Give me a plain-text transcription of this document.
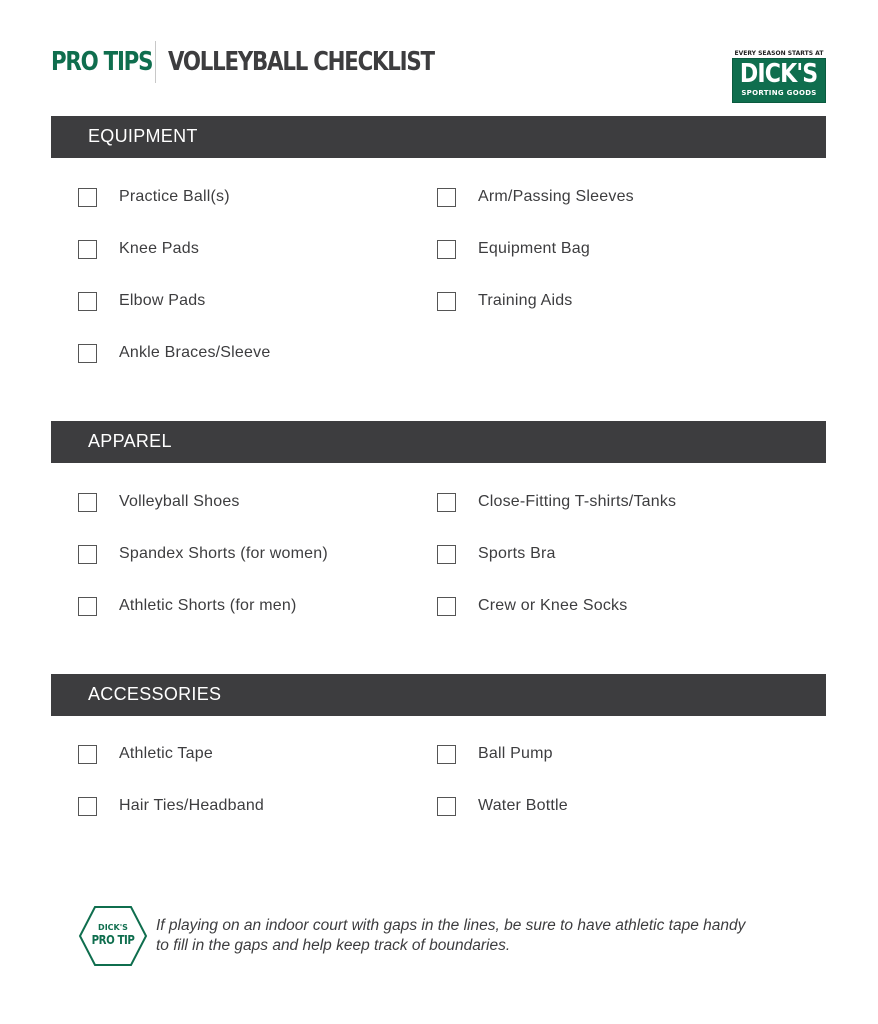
PRO TIPS VOLLEYBALL CHECKLIST	EVERY SEASON STARTS AT
DICK'S
SPORTING GOODS
EQUIPMENT
Practice Ball(s)	Arm/Passing Sleeves
Knee Pads	Equipment Bag
Elbow Pads	Training Aids
Ankle Braces/Sleeve
APPAREL
Volleyball Shoes	Close-Fitting T-shirts/Tanks
Spandex Shorts (for women)	Sports Bra
Athletic Shorts (for men)	Crew or Knee Socks
ACCESSORIES
Athletic Tape	Ball Pump
Hair Ties/Headband	Water Bottle
DICK'S
PRO TIP
If playing on an indoor court with gaps in the lines, be sure to have athletic tape handy to fill in the gaps and help keep track of boundaries.
